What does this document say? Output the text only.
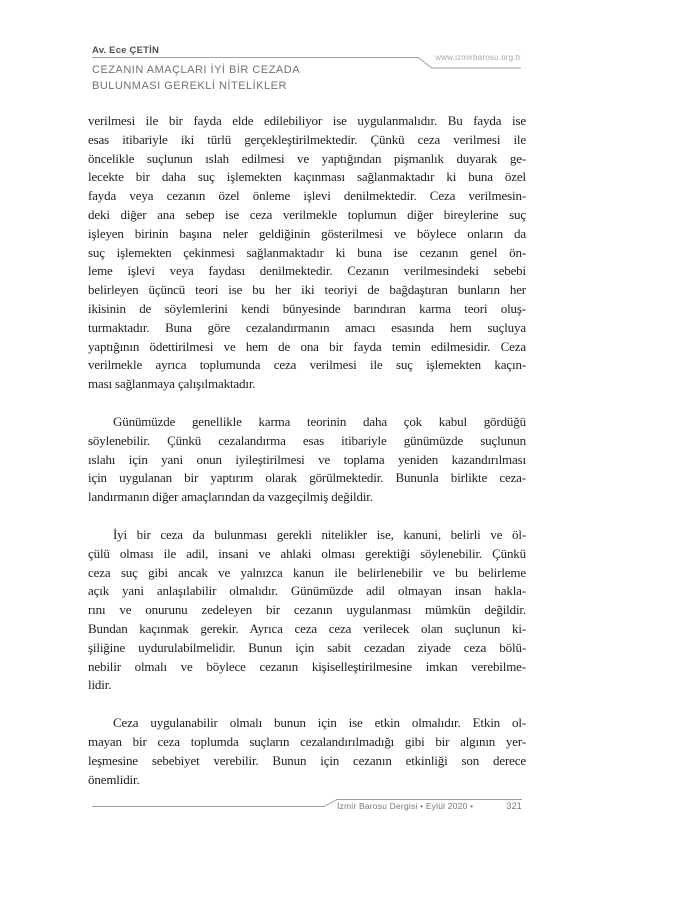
Av. Ece ÇETİN
www.izmirbarosu.org.tr
CEZANIN AMAÇLARI İYİ BİR CEZADA
BULUNMASI GEREKLİ NİTELİKLER
verilmesi ile bir fayda elde edilebiliyor ise uygulanmalıdır. Bu fayda ise
esas itibariyle iki türlü gerçekleştirilmektedir. Çünkü ceza verilmesi ile
öncelikle suçlunun ıslah edilmesi ve yaptığından pişmanlık duyarak ge-
lecekte bir daha suç işlemekten kaçınması sağlanmaktadır ki buna özel
fayda veya cezanın özel önleme işlevi denilmektedir. Ceza verilmesin-
deki diğer ana sebep ise ceza verilmekle toplumun diğer bireylerine suç
işleyen birinin başına neler geldiğinin gösterilmesi ve böylece onların da
suç işlemekten çekinmesi sağlanmaktadır ki buna ise cezanın genel ön-
leme işlevi veya faydası denilmektedir. Cezanın verilmesindeki sebebi
belirleyen üçüncü teori ise bu her iki teoriyi de bağdaştıran bunların her
ikisinin de söylemlerini kendi bünyesinde barındıran karma teori oluş-
turmaktadır. Buna göre cezalandırmanın amacı esasında hem suçluya
yaptığının ödettirilmesi ve hem de ona bir fayda temin edilmesidir. Ceza
verilmekle ayrıca toplumunda ceza verilmesi ile suç işlemekten kaçın-
ması sağlanmaya çalışılmaktadır.
Günümüzde genellikle karma teorinin daha çok kabul gördüğü
söylenebilir. Çünkü cezalandırma esas itibariyle günümüzde suçlunun
ıslahı için yani onun iyileştirilmesi ve toplama yeniden kazandırılması
için uygulanan bir yaptırım olarak görülmektedir. Bununla birlikte ceza-
landırmanın diğer amaçlarından da vazgeçilmiş değildir.
İyi bir ceza da bulunması gerekli nitelikler ise, kanuni, belirli ve öl-
çülü olması ile adil, insani ve ahlaki olması gerektiği söylenebilir. Çünkü
ceza suç gibi ancak ve yalnızca kanun ile belirlenebilir ve bu belirleme
açık yani anlaşılabilir olmalıdır. Günümüzde adil olmayan insan hakla-
rını ve onurunu zedeleyen bir cezanın uygulanması mümkün değildir.
Bundan kaçınmak gerekir. Ayrıca ceza ceza verilecek olan suçlunun ki-
şiliğine uydurulabilmelidir. Bunun için sabit cezadan ziyade ceza bölü-
nebilir olmalı ve böylece cezanın kişiselleştirilmesine imkan verebilme-
lidir.
Ceza uygulanabilir olmalı bunun için ise etkin olmalıdır. Etkin ol-
mayan bir ceza toplumda suçların cezalandırılmadığı gibi bir algının yer-
leşmesine sebebiyet verebilir. Bunun için cezanın etkinliği son derece
önemlidir.
İzmir Barosu Dergisi • Eylül 2020 •	321
